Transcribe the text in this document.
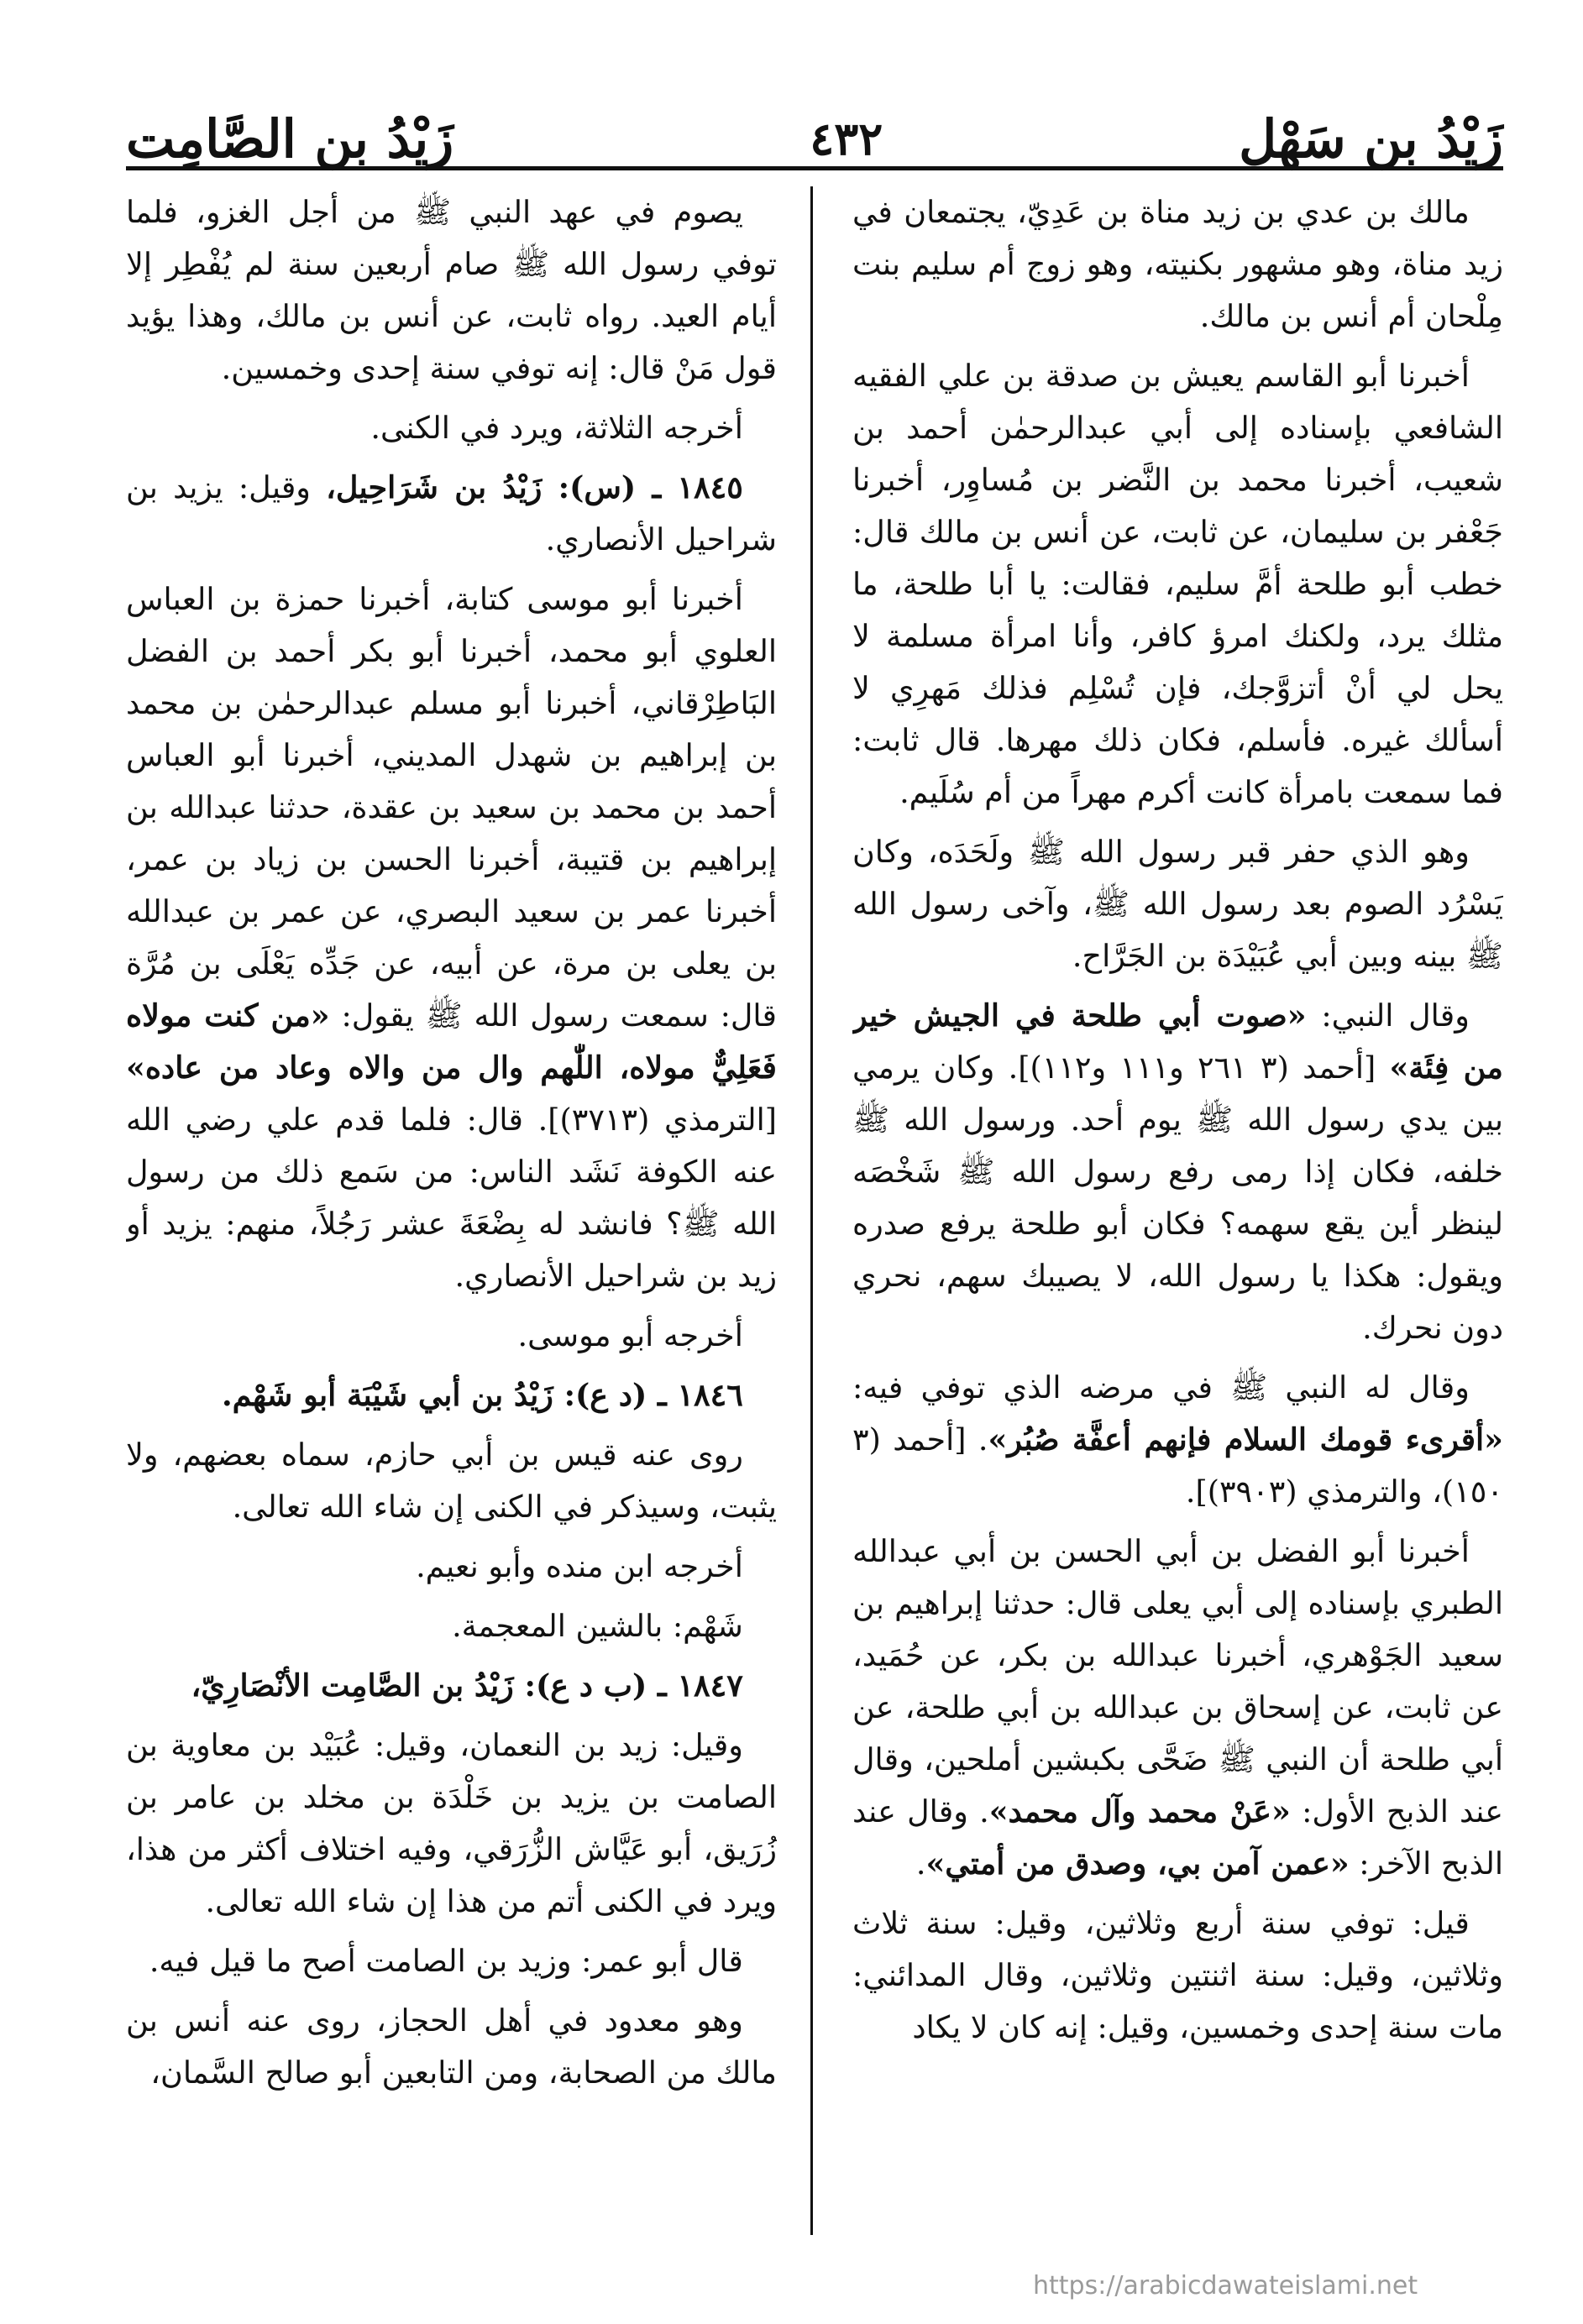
زَيْدُ بن سَهْل
٤٣٢
زَيْدُ بن الصَّامِت

مالك بن عدي بن زيد مناة بن عَدِيّ، يجتمعان في زيد مناة، وهو مشهور بكنيته، وهو زوج أم سليم بنت مِلْحان أم أنس بن مالك.

أخبرنا أبو القاسم يعيش بن صدقة بن علي الفقيه الشافعي بإسناده إلى أبي عبدالرحمٰن أحمد بن شعيب، أخبرنا محمد بن النَّضر بن مُساوِر، أخبرنا جَعْفر بن سليمان، عن ثابت، عن أنس بن مالك قال: خطب أبو طلحة أمَّ سليم، فقالت: يا أبا طلحة، ما مثلك يرد، ولكنك امرؤ كافر، وأنا امرأة مسلمة لا يحل لي أنْ أتزوَّجك، فإن تُسْلِم فذلك مَهرِي لا أسألك غيره. فأسلم، فكان ذلك مهرها. قال ثابت: فما سمعت بامرأة كانت أكرم مهراً من أم سُلَيم.

وهو الذي حفر قبر رسول الله ﷺ ولَحَدَه، وكان يَسْرُد الصوم بعد رسول الله ﷺ، وآخى رسول الله ﷺ بينه وبين أبي عُبَيْدَة بن الجَرَّاح.

وقال النبي: «صوت أبي طلحة في الجيش خير من فِئَة» [أحمد (٣ ٢٦١ و١١١ و١١٢)]. وكان يرمي بين يدي رسول الله ﷺ يوم أحد. ورسول الله ﷺ خلفه، فكان إذا رمى رفع رسول الله ﷺ شَخْصَه لينظر أين يقع سهمه؟ فكان أبو طلحة يرفع صدره ويقول: هكذا يا رسول الله، لا يصيبك سهم، نحري دون نحرك.

وقال له النبي ﷺ في مرضه الذي توفي فيه: «أقرىء قومك السلام فإنهم أعفَّة صُبُر». [أحمد (٣ ١٥٠)، والترمذي (٣٩٠٣)].

أخبرنا أبو الفضل بن أبي الحسن بن أبي عبدالله الطبري بإسناده إلى أبي يعلى قال: حدثنا إبراهيم بن سعيد الجَوْهري، أخبرنا عبدالله بن بكر، عن حُمَيد، عن ثابت، عن إسحاق بن عبدالله بن أبي طلحة، عن أبي طلحة أن النبي ﷺ ضَحَّى بكبشين أملحين، وقال عند الذبح الأول: «عَنْ محمد وآل محمد». وقال عند الذبح الآخر: «عمن آمن بي، وصدق من أمتي».

قيل: توفي سنة أربع وثلاثين، وقيل: سنة ثلاث وثلاثين، وقيل: سنة اثنتين وثلاثين، وقال المدائني: مات سنة إحدى وخمسين، وقيل: إنه كان لا يكاد

يصوم في عهد النبي ﷺ من أجل الغزو، فلما توفي رسول الله ﷺ صام أربعين سنة لم يُفْطِر إلا أيام العيد. رواه ثابت، عن أنس بن مالك، وهذا يؤيد قول مَنْ قال: إنه توفي سنة إحدى وخمسين.

أخرجه الثلاثة، ويرد في الكنى.

١٨٤٥ ـ (س): زَيْدُ بن شَرَاحِيل، وقيل: يزيد بن شراحيل الأنصاري.

أخبرنا أبو موسى كتابة، أخبرنا حمزة بن العباس العلوي أبو محمد، أخبرنا أبو بكر أحمد بن الفضل البَاطِرْقاني، أخبرنا أبو مسلم عبدالرحمٰن بن محمد بن إبراهيم بن شهدل المديني، أخبرنا أبو العباس أحمد بن محمد بن سعيد بن عقدة، حدثنا عبدالله بن إبراهيم بن قتيبة، أخبرنا الحسن بن زياد بن عمر، أخبرنا عمر بن سعيد البصري، عن عمر بن عبدالله بن يعلى بن مرة، عن أبيه، عن جَدِّه يَعْلَى بن مُرَّة قال: سمعت رسول الله ﷺ يقول: «من كنت مولاه فَعَلِيٌّ مولاه، اللّٰهم وال من والاه وعاد من عاده» [الترمذي (٣٧١٣)]. قال: فلما قدم علي رضي الله عنه الكوفة نَشَد الناس: من سَمع ذلك من رسول الله ﷺ؟ فانشد له بِضْعَةَ عشر رَجُلاً، منهم: يزيد أو زيد بن شراحيل الأنصاري.

أخرجه أبو موسى.

١٨٤٦ ـ (د ع): زَيْدُ بن أبي شَيْبَة أبو شَهْم.

روى عنه قيس بن أبي حازم، سماه بعضهم، ولا يثبت، وسيذكر في الكنى إن شاء الله تعالى.

أخرجه ابن منده وأبو نعيم.

شَهْم: بالشين المعجمة.

١٨٤٧ ـ (ب د ع): زَيْدُ بن الصَّامِت الأنْصَارِيّ،

وقيل: زيد بن النعمان، وقيل: عُبَيْد بن معاوية بن الصامت بن يزيد بن خَلْدَة بن مخلد بن عامر بن زُرَيق، أبو عَيَّاش الزُّرَقي، وفيه اختلاف أكثر من هذا، ويرد في الكنى أتم من هذا إن شاء الله تعالى.

قال أبو عمر: وزيد بن الصامت أصح ما قيل فيه.

وهو معدود في أهل الحجاز، روى عنه أنس بن مالك من الصحابة، ومن التابعين أبو صالح السَّمان،

https://arabicdawateislami.net
